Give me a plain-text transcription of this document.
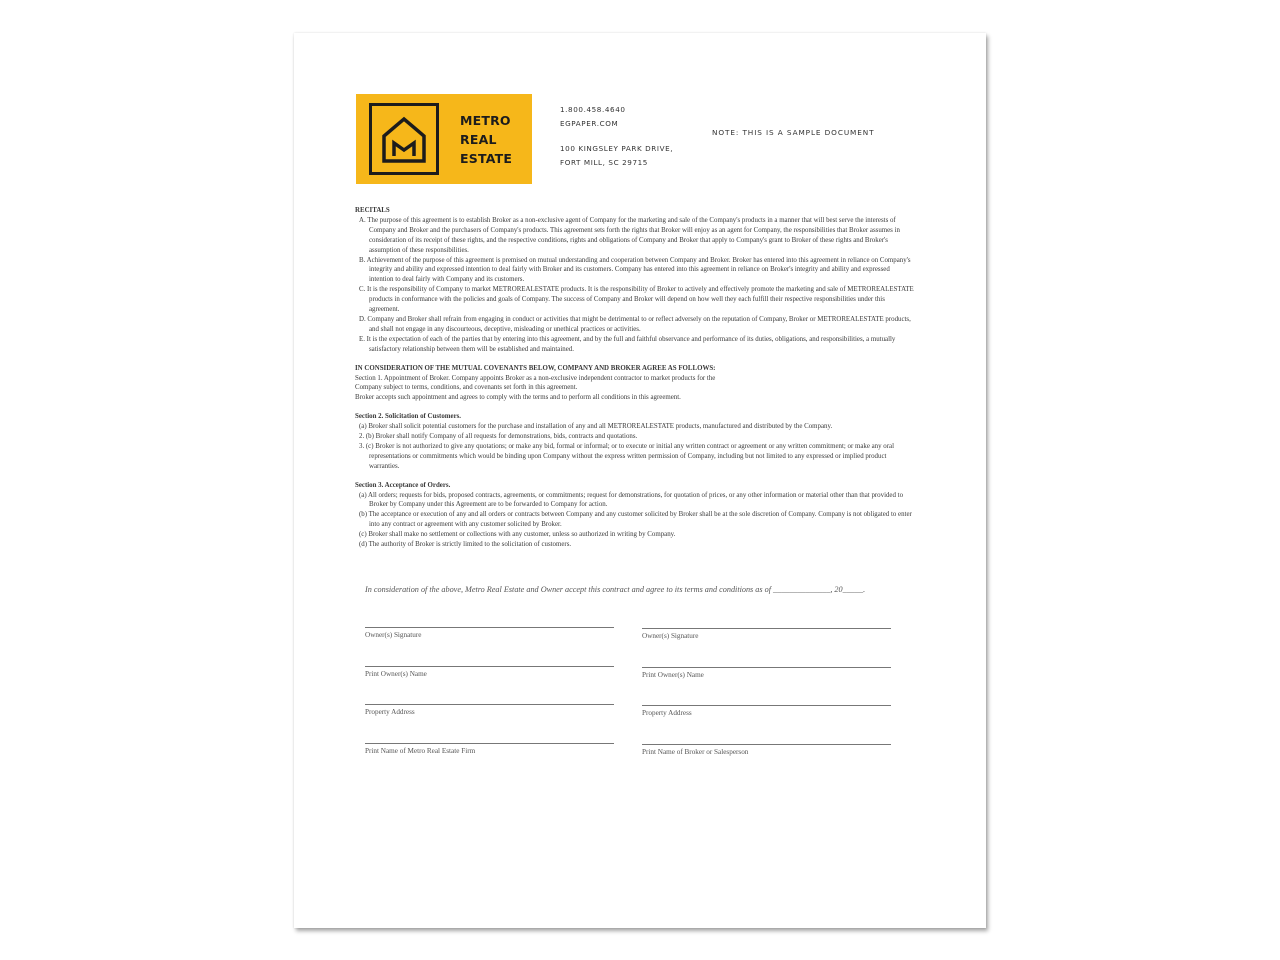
METRO
REAL
ESTATE

1.800.458.4640
EGPAPER.COM
100 KINGSLEY PARK DRIVE,
FORT MILL, SC 29715
NOTE: THIS IS A SAMPLE DOCUMENT

RECITALS

A. The purpose of this agreement is to establish Broker as a non-exclusive agent of Company for the marketing and sale of the Company's products in a manner that will best serve the interests of Company and Broker and the purchasers of Company's products. This agreement sets forth the rights that Broker will enjoy as an agent for Company, the responsibilities that Broker assumes in consideration of its receipt of these rights, and the respective conditions, rights and obligations of Company and Broker that apply to Company's grant to Broker of these rights and Broker's assumption of these responsibilities.

B. Achievement of the purpose of this agreement is premised on mutual understanding and cooperation between Company and Broker. Broker has entered into this agreement in reliance on Company's integrity and ability and expressed intention to deal fairly with Broker and its customers. Company has entered into this agreement in reliance on Broker's integrity and ability and expressed intention to deal fairly with Company and its customers.

C. It is the responsibility of Company to market METROREALESTATE products. It is the responsibility of Broker to actively and effectively promote the marketing and sale of METROREALESTATE products in conformance with the policies and goals of Company. The success of Company and Broker will depend on how well they each fulfill their respective responsibilities under this agreement.

D. Company and Broker shall refrain from engaging in conduct or activities that might be detrimental to or reflect adversely on the reputation of Company, Broker or METROREALESTATE products, and shall not engage in any discourteous, deceptive, misleading or unethical practices or activities.

E. It is the expectation of each of the parties that by entering into this agreement, and by the full and faithful observance and performance of its duties, obligations, and responsibilities, a mutually satisfactory relationship between them will be established and maintained.

IN CONSIDERATION OF THE MUTUAL COVENANTS BELOW, COMPANY AND BROKER AGREE AS FOLLOWS:

Section 1. Appointment of Broker. Company appoints Broker as a non-exclusive independent contractor to market products for the

Company subject to terms, conditions, and covenants set forth in this agreement.

Broker accepts such appointment and agrees to comply with the terms and to perform all conditions in this agreement.

Section 2. Solicitation of Customers.

(a) Broker shall solicit potential customers for the purchase and installation of any and all METROREALESTATE products, manufactured and distributed by the Company.

2. (b) Broker shall notify Company of all requests for demonstrations, bids, contracts and quotations.

3. (c) Broker is not authorized to give any quotations; or make any bid, formal or informal; or to execute or initial any written contract or agreement or any written commitment; or make any oral representations or commitments which would be binding upon Company without the express written permission of Company, including but not limited to any expressed or implied product warranties.

Section 3. Acceptance of Orders.

(a) All orders; requests for bids, proposed contracts, agreements, or commitments; request for demonstrations, for quotation of prices, or any other information or material other than that provided to Broker by Company under this Agreement are to be forwarded to Company for action.

(b) The acceptance or execution of any and all orders or contracts between Company and any customer solicited by Broker shall be at the sole discretion of Company. Company is not obligated to enter into any contract or agreement with any customer solicited by Broker.

(c) Broker shall make no settlement or collections with any customer, unless so authorized in writing by Company.

(d) The authority of Broker is strictly limited to the solicitation of customers.

In consideration of the above, Metro Real Estate and Owner accept this contract and agree to its terms and conditions as of ______________, 20_____.
Owner(s) Signature	Owner(s) Signature
Print Owner(s) Name	Print Owner(s) Name
Property Address	Property Address
Print Name of Metro Real Estate Firm	Print Name of Broker or Salesperson
